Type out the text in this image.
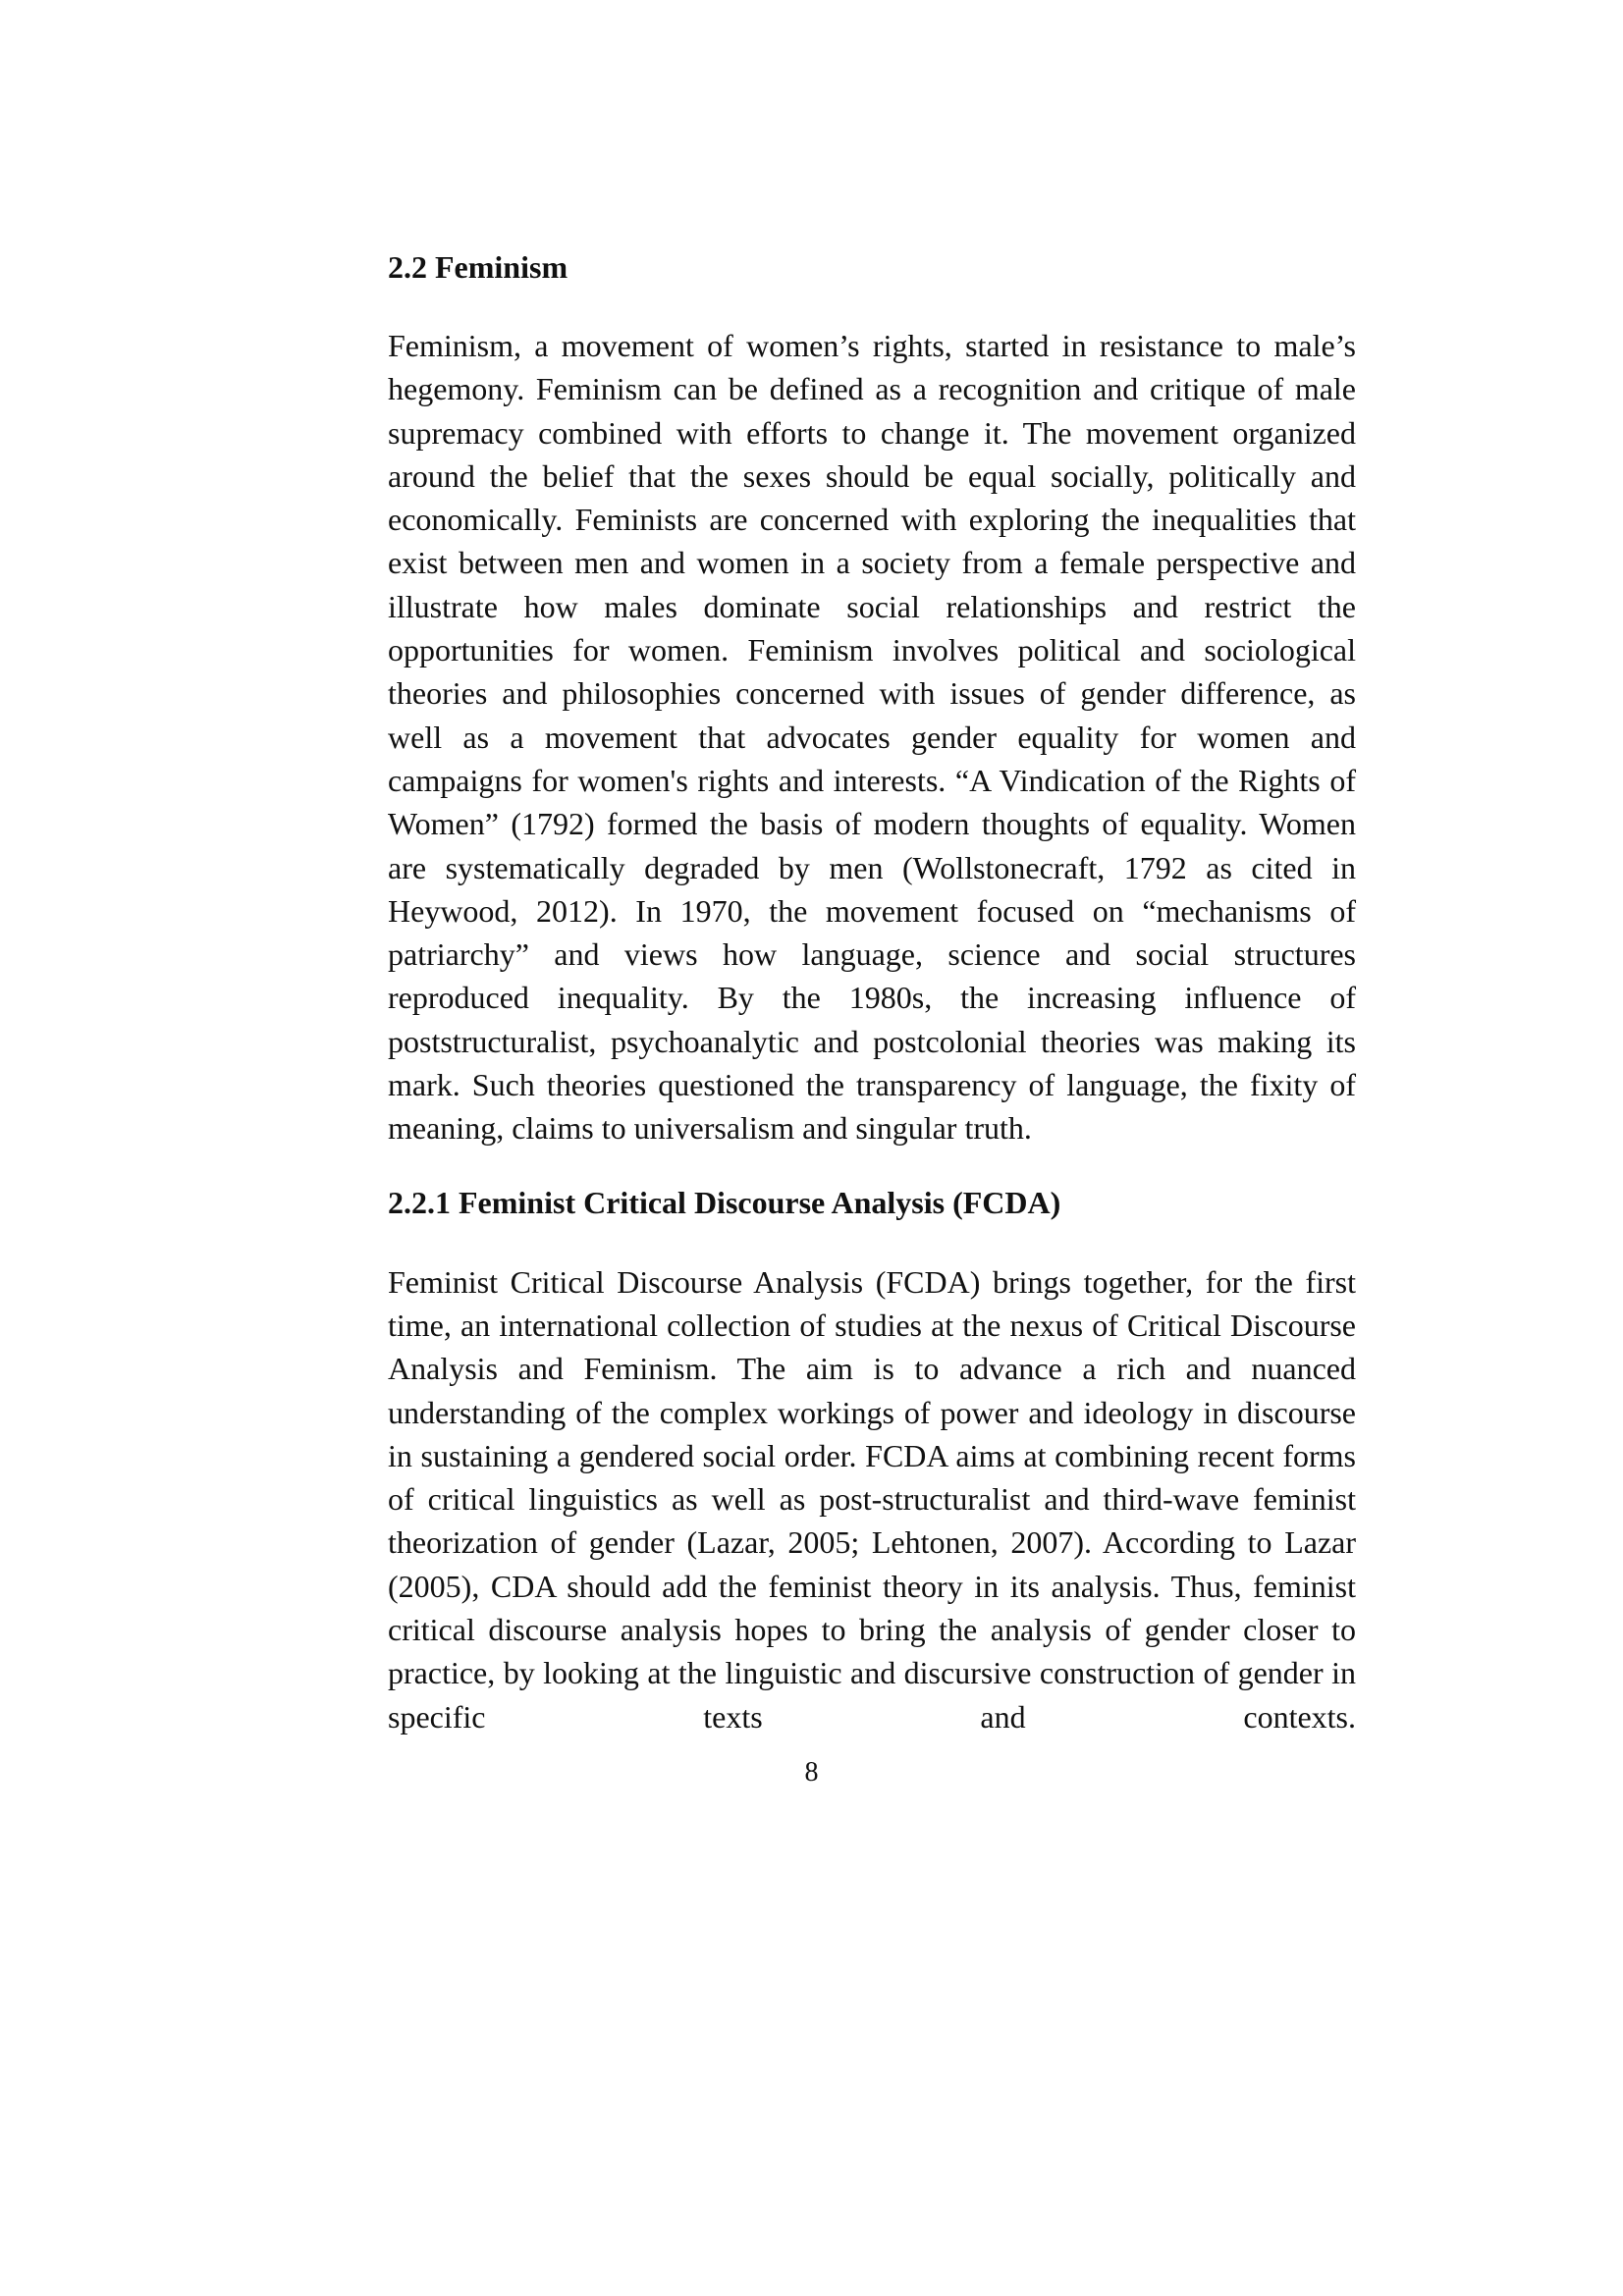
2.2 Feminism

Feminism, a movement of women’s rights, started in resistance to male’s hegemony. Feminism can be defined as a recognition and critique of male supremacy combined with efforts to change it. The movement organized around the belief that the sexes should be equal socially, politically and economically. Feminists are concerned with exploring the inequalities that exist between men and women in a society from a female perspective and illustrate how males dominate social relationships and restrict the opportunities for women. Feminism involves political and sociological theories and philosophies concerned with issues of gender difference, as well as a movement that advocates gender equality for women and campaigns for women's rights and interests. “A Vindication of the Rights of Women” (1792) formed the basis of modern thoughts of equality. Women are systematically degraded by men (Wollstonecraft, 1792 as cited in Heywood, 2012). In 1970, the movement focused on “mechanisms of patriarchy” and views how language, science and social structures reproduced inequality. By the 1980s, the increasing influence of poststructuralist, psychoanalytic and postcolonial theories was making its mark. Such theories questioned the transparency of language, the fixity of meaning, claims to universalism and singular truth.

2.2.1 Feminist Critical Discourse Analysis (FCDA)

Feminist Critical Discourse Analysis (FCDA) brings together, for the first time, an international collection of studies at the nexus of Critical Discourse Analysis and Feminism. The aim is to advance a rich and nuanced understanding of the complex workings of power and ideology in discourse in sustaining a gendered social order. FCDA aims at combining recent forms of critical linguistics as well as post-structuralist and third-wave feminist theorization of gender (Lazar, 2005; Lehtonen, 2007). According to Lazar (2005), CDA should add the feminist theory in its analysis. Thus, feminist critical discourse analysis hopes to bring the analysis of gender closer to practice, by looking at the linguistic and discursive construction of gender in specific texts and contexts.

8
